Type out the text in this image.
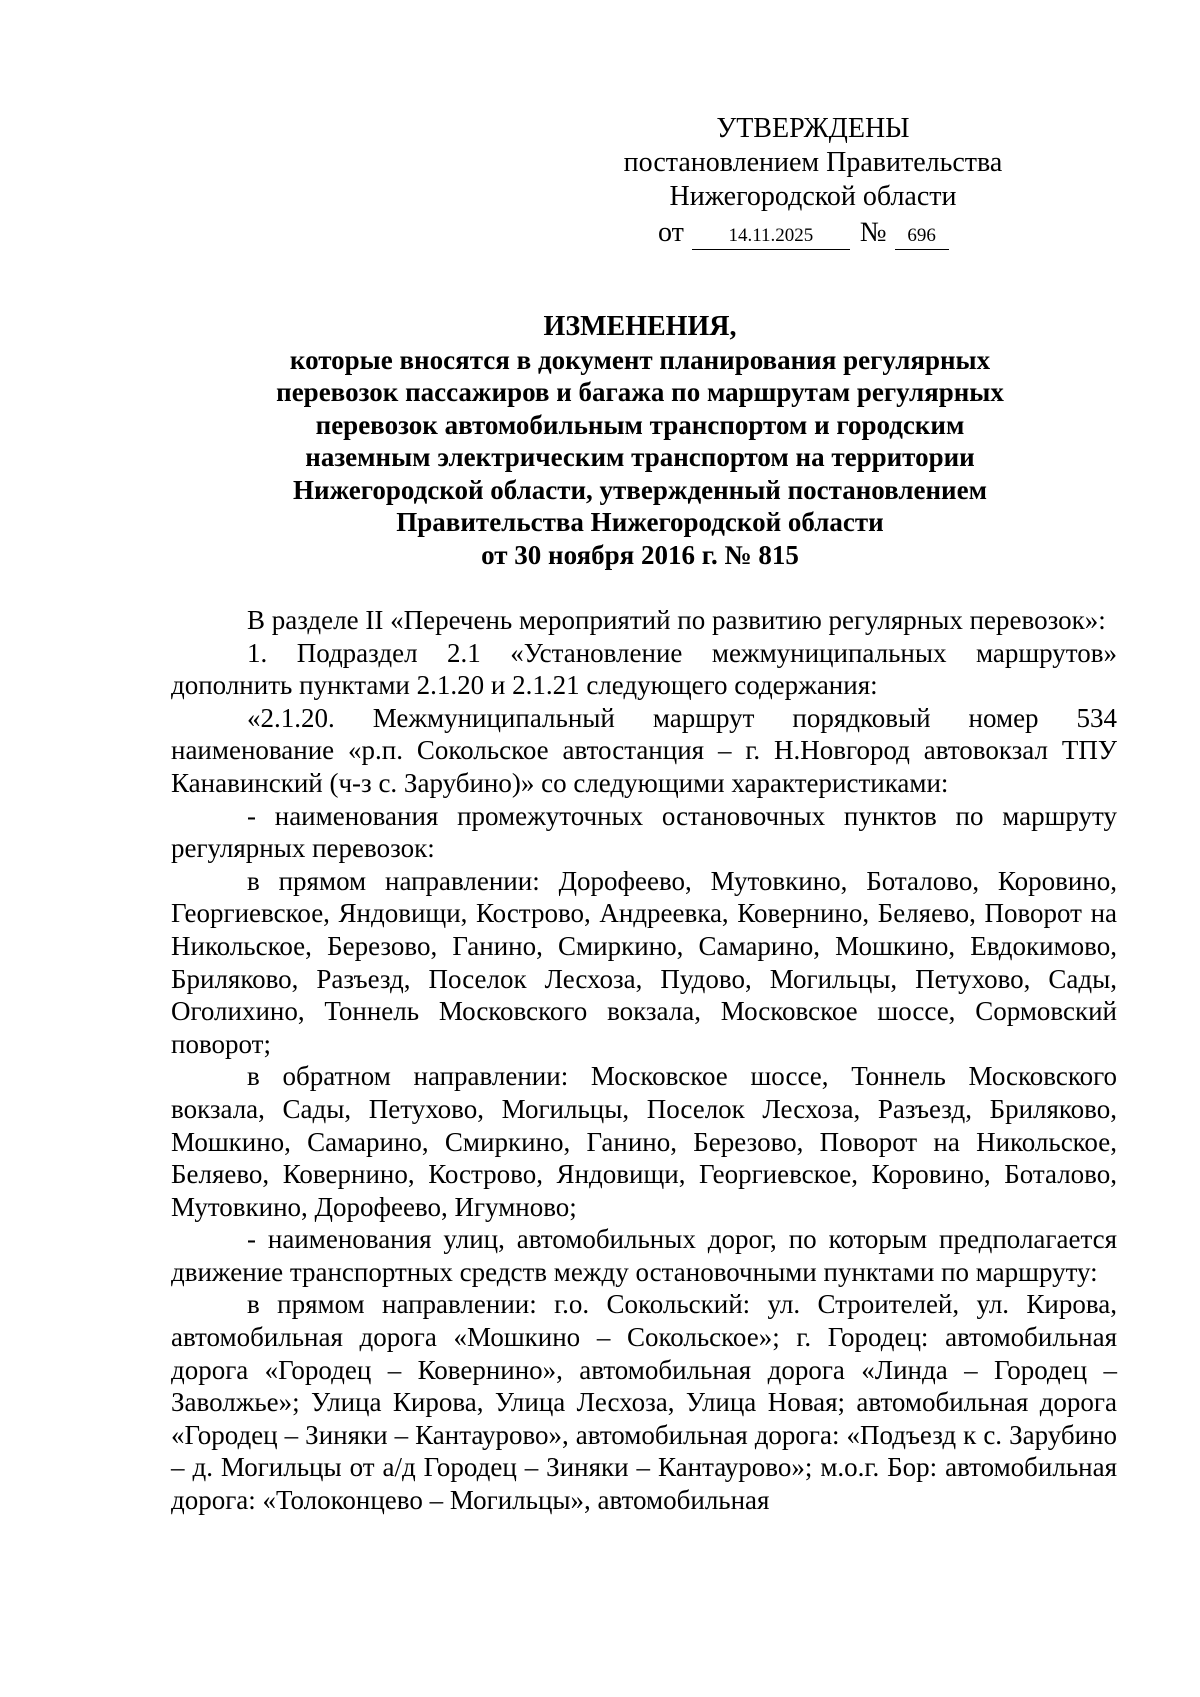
УТВЕРЖДЕНЫ
постановлением Правительства
Нижегородской области
от 14.11.2025 № 696
ИЗМЕНЕНИЯ,
которые вносятся в документ планирования регулярных
перевозок пассажиров и багажа по маршрутам регулярных
перевозок автомобильным транспортом и городским
наземным электрическим транспортом на территории
Нижегородской области, утвержденный постановлением
Правительства Нижегородской области
от 30 ноября 2016 г. № 815

В разделе II «Перечень мероприятий по развитию регулярных перевозок»:

1. Подраздел 2.1 «Установление межмуниципальных маршрутов» дополнить пунктами 2.1.20 и 2.1.21 следующего содержания:

«2.1.20. Межмуниципальный маршрут порядковый номер 534 наименование «р.п. Сокольское автостанция – г. Н.Новгород автовокзал ТПУ Канавинский (ч-з с. Зарубино)» со следующими характеристиками:

- наименования промежуточных остановочных пунктов по маршруту регулярных перевозок:

в прямом направлении: Дорофеево, Мутовкино, Боталово, Коровино, Георгиевское, Яндовищи, Кострово, Андреевка, Ковернино, Беляево, Поворот на Никольское, Березово, Ганино, Смиркино, Самарино, Мошкино, Евдокимово, Бриляково, Разъезд, Поселок Лесхоза, Пудово, Могильцы, Петухово, Сады, Оголихино, Тоннель Московского вокзала, Московское шоссе, Сормовский поворот;

в обратном направлении: Московское шоссе, Тоннель Московского вокзала, Сады, Петухово, Могильцы, Поселок Лесхоза, Разъезд, Бриляково, Мошкино, Самарино, Смиркино, Ганино, Березово, Поворот на Никольское, Беляево, Ковернино, Кострово, Яндовищи, Георгиевское, Коровино, Боталово, Мутовкино, Дорофеево, Игумново;

- наименования улиц, автомобильных дорог, по которым предполагается движение транспортных средств между остановочными пунктами по маршруту:

в прямом направлении: г.о. Сокольский: ул. Строителей, ул. Кирова, автомобильная дорога «Мошкино – Сокольское»; г. Городец: автомобильная дорога «Городец – Ковернино», автомобильная дорога «Линда – Городец – Заволжье»; Улица Кирова, Улица Лесхоза, Улица Новая; автомобильная дорога «Городец – Зиняки – Кантаурово», автомобильная дорога: «Подъезд к с. Зарубино – д. Могильцы от а/д Городец – Зиняки – Кантаурово»; м.о.г. Бор: автомобильная дорога: «Толоконцево – Могильцы», автомобильная
